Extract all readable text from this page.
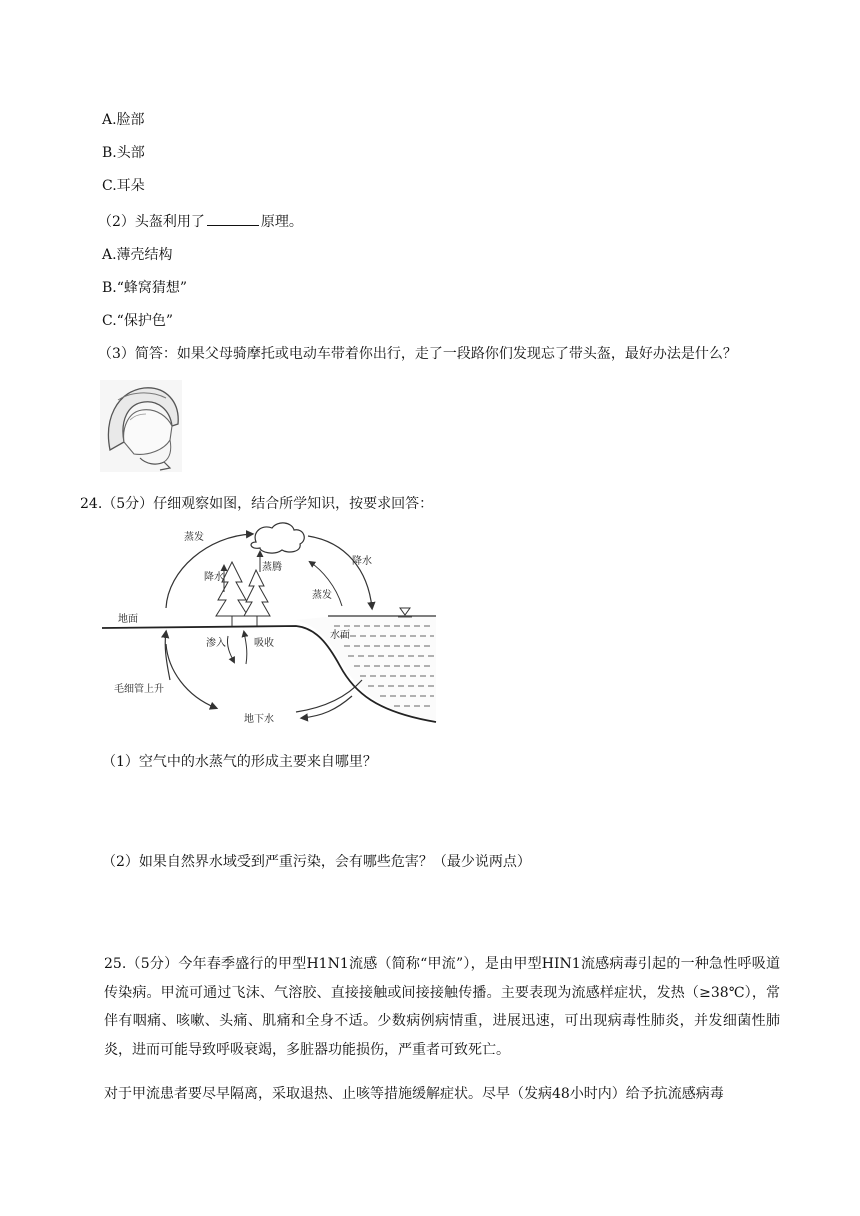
A.脸部
B.头部
C.耳朵
（2）头盔利用了	原理。
A.薄壳结构
B.“蜂窝猜想”
C.“保护色”
（3）简答：如果父母骑摩托或电动车带着你出行，走了一段路你们发现忘了带头盔，最好办法是什么？
24.（5分）仔细观察如图，结合所学知识，按要求回答：
蒸发
降水
降水
蒸腾
蒸发
地面
水面
渗入	吸收
毛细管上升
地下水
（1）空气中的水蒸气的形成主要来自哪里？
（2）如果自然界水域受到严重污染，会有哪些危害？（最少说两点）
25.（5分）今年春季盛行的甲型H1N1流感（简称“甲流”），是由甲型HIN1流感病毒引起的一种急性呼吸道传染病。甲流可通过飞沫、气溶胶、直接接触或间接接触传播。主要表现为流感样症状，发热（≥38℃），常伴有咽痛、咳嗽、头痛、肌痛和全身不适。少数病例病情重，进展迅速，可出现病毒性肺炎，并发细菌性肺炎，进而可能导致呼吸衰竭，多脏器功能损伤，严重者可致死亡。
对于甲流患者要尽早隔离，采取退热、止咳等措施缓解症状。尽早（发病48小时内）给予抗流感病毒
